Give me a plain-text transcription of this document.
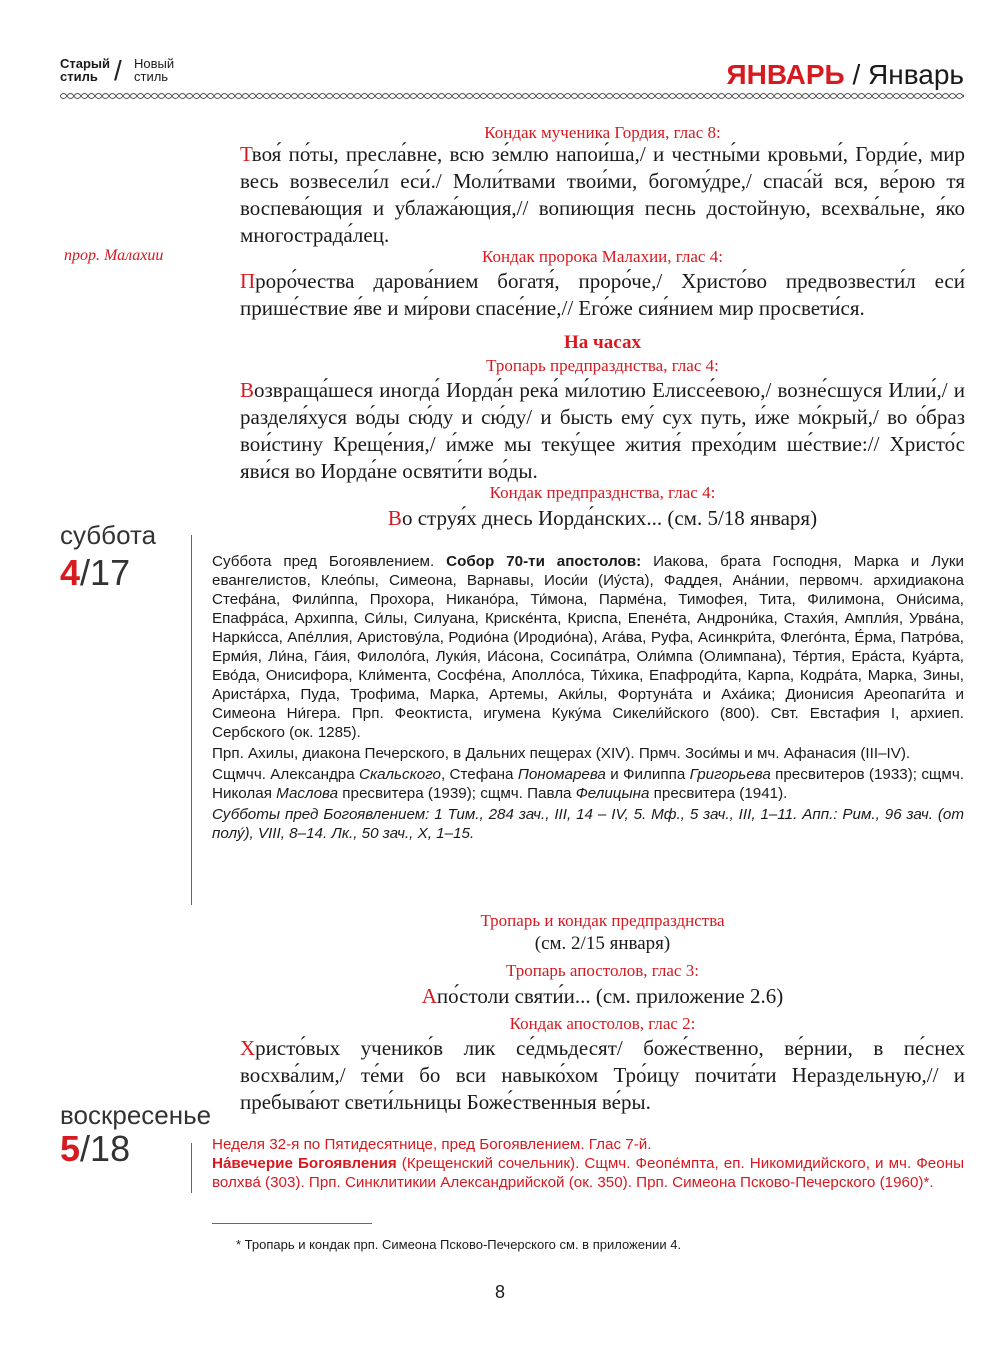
Старый стиль / Новый стиль	ЯНВАРЬ / Январь
Кондак мученика Гордия, глас 8:
Твоя́ по́ты, пресла́вне, всю зе́млю напои́ша,/ и честны́ми кровьми́, Горди́е, мир весь возвесели́л еси́./ Моли́твами твои́ми, богому́дре,/ спаса́й вся, ве́рою тя воспева́ющия и ублажа́ющия,// вопиющия песнь достойную, всехва́льне, я́ко многострада́лец.
прор. Малахии	Кондак пророка Малахии, глас 4:
Проро́чества дарова́нием богатя́, проро́че,/ Христо́во предвозвести́л еси́ прише́ствие я́ве и ми́рови спасе́ние,// Его́же сия́нием мир просвети́ся.
На часах
Тропарь предпразднства, глас 4:
Возвраща́шеся иногда́ Иорда́н река́ ми́лотию Елиссе́евою,/ возне́сшуся Илии́,/ и разделя́хуся во́ды сю́ду и сю́ду/ и бысть ему́ сух путь, и́же мо́крый,/ во о́браз вои́стину Креще́ния,/ и́мже мы теку́щее жития́ прехо́дим ше́ствие:// Христо́с яви́ся во Иорда́не освяти́ти во́ды.
Кондак предпразднства, глас 4:
Во струя́х днесь Иорда́нских... (см. 5/18 января)
суббота
4/17	Суббота пред Богоявлением. Собор 70-ти апостолов: Иакова, брата Господня, Марка и Луки евангелистов, Клео́пы, Симеона, Варнавы, Иоси́и (Иу́ста), Фаддея, Ана́нии, первомч. архидиакона Стефа́на, Фили́ппа, Прохора, Никано́ра, Ти́мона, Парме́на, Тимофея, Тита, Филимона, Они́сима, Епафра́са, Архиппа, Си́лы, Силуана, Криске́нта, Криспа, Епене́та, Андрони́ка, Стахи́я, Ампли́я, Урва́на, Нарки́сса, Апе́ллия, Аристову́ла, Родио́на (Иродио́на), Ага́ва, Руфа, Асинкри́та, Флего́нта, Е́рма, Патро́ва, Ерми́я, Ли́на, Га́ия, Филоло́га, Луки́я, Иа́сона, Сосипа́тра, Оли́мпа (Олимпана), Те́ртия, Ера́ста, Куа́рта, Ево́да, Онисифора, Кли́мента, Сосфе́на, Аполло́са, Ти́хика, Епафроди́та, Карпа, Кодра́та, Марка, Зины, Ариста́рха, Пуда, Трофима, Марка, Артемы, Аки́лы, Фортуна́та и Аха́ика; Дионисия Ареопаги́та и Симеона Ни́гера. Прп. Феоктиста, игумена Куку́ма Сикели́йского (800). Свт. Евстафия I, архиеп. Сербского (ок. 1285).

Прп. Ахилы, диакона Печерского, в Дальних пещерах (XIV). Прмч. Зоси́мы и мч. Афанасия (III–IV).

Сщмчч. Александра Скальского, Стефана Пономарева и Филиппа Григорьева пресвитеров (1933); сщмч. Николая Маслова пресвитера (1939); сщмч. Павла Фелицына пресвитера (1941).

Субботы пред Богоявлением: 1 Тим., 284 зач., III, 14 – IV, 5. Мф., 5 зач., III, 1–11. Апп.: Рим., 96 зач. (от полу́), VIII, 8–14. Лк., 50 зач., Х, 1–15.

Тропарь и кондак предпразднства
(см. 2/15 января)
Тропарь апостолов, глас 3:
Апо́столи святи́и... (см. приложение 2.6)
Кондак апостолов, глас 2:
Христо́вых ученико́в лик се́дмьдесят/ боже́ственно, ве́рнии, в пе́снех восхва́лим,/ те́ми бо вси навыко́хом Тро́ицу почита́ти Нераздельную,// и пребыва́ют свети́льницы Боже́ственныя ве́ры.
воскресенье
5/18	Неделя 32-я по Пятидесятнице, пред Богоявлением. Глас 7-й.

На́вечерие Богоявления (Крещенский сочельник). Сщмч. Феопе́мпта, еп. Никомидийского, и мч. Феоны волхва́ (303). Прп. Синклитикии Александрийской (ок. 350). Прп. Симеона Псково-Печерского (1960)*.

* Тропарь и кондак прп. Симеона Псково-Печерского см. в приложении 4.
8
